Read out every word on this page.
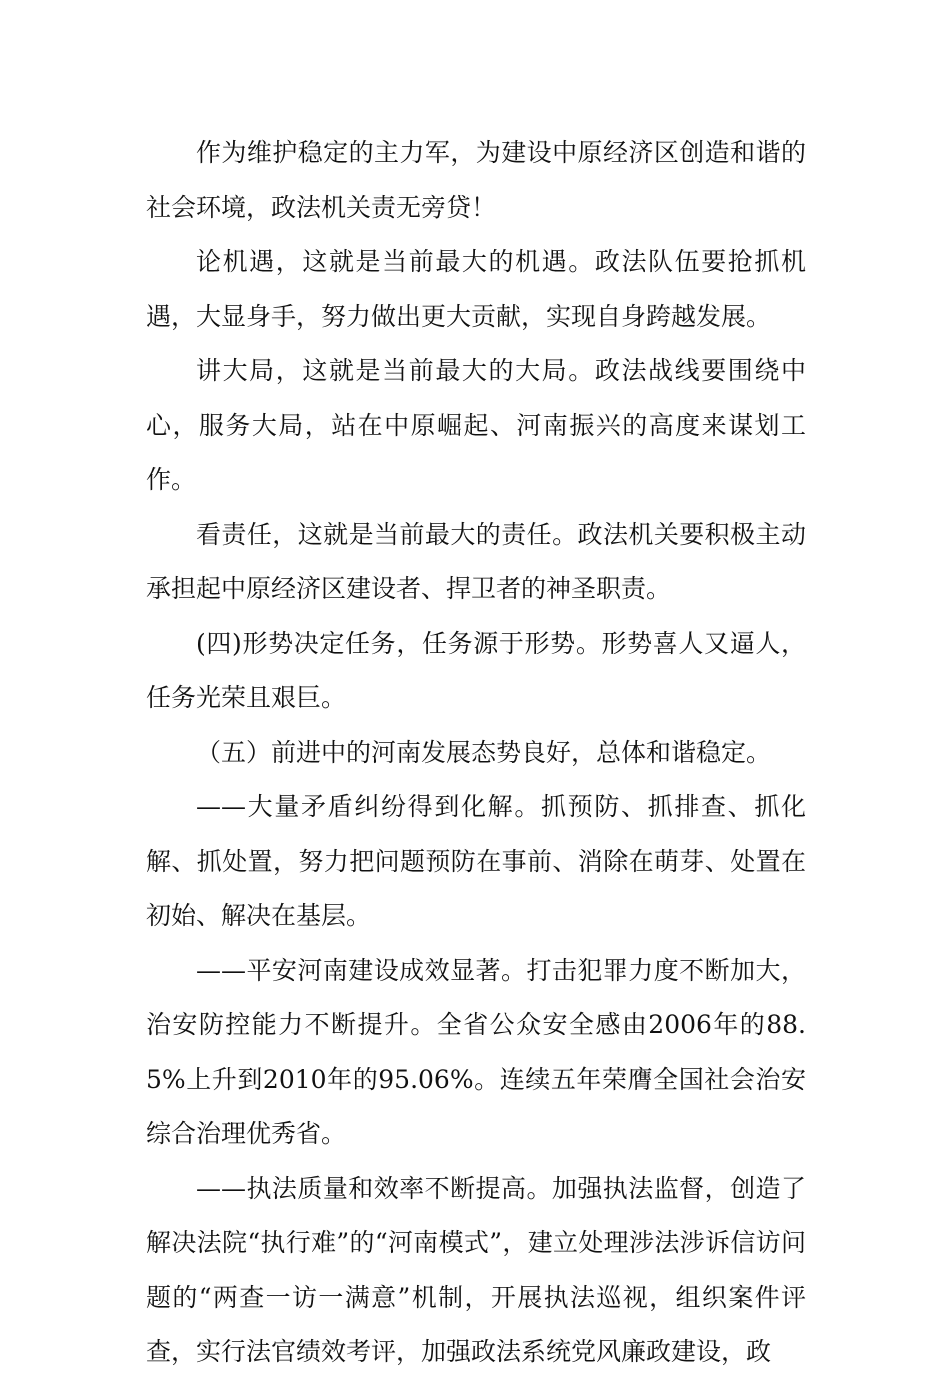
作为维护稳定的主力军，为建设中原经济区创造和谐的社会环境，政法机关责无旁贷！

论机遇，这就是当前最大的机遇。政法队伍要抢抓机遇，大显身手，努力做出更大贡献，实现自身跨越发展。

讲大局，这就是当前最大的大局。政法战线要围绕中心，服务大局，站在中原崛起、河南振兴的高度来谋划工作。

看责任，这就是当前最大的责任。政法机关要积极主动承担起中原经济区建设者、捍卫者的神圣职责。

(四)形势决定任务，任务源于形势。形势喜人又逼人，任务光荣且艰巨。

（五）前进中的河南发展态势良好，总体和谐稳定。

——大量矛盾纠纷得到化解。抓预防、抓排查、抓化解、抓处置，努力把问题预防在事前、消除在萌芽、处置在初始、解决在基层。

——平安河南建设成效显著。打击犯罪力度不断加大，治安防控能力不断提升。全省公众安全感由2006年的88.5%上升到2010年的95.06%。连续五年荣膺全国社会治安综合治理优秀省。

——执法质量和效率不断提高。加强执法监督，创造了解决法院“执行难”的“河南模式”，建立处理涉法涉诉信访问题的“两查一访一满意”机制，开展执法巡视，组织案件评查，实行法官绩效考评，加强政法系统党风廉政建设，政
